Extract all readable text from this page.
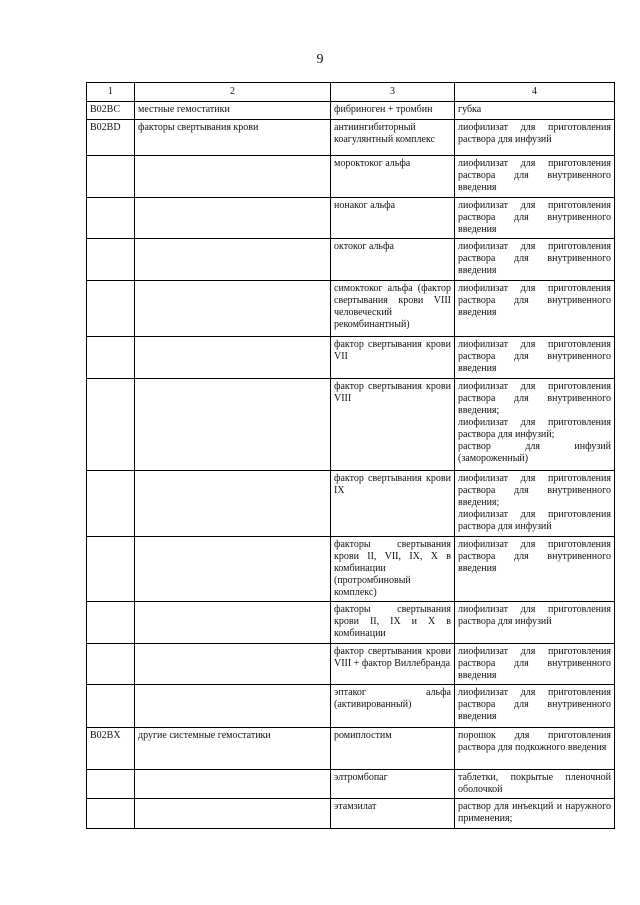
9
1	2	3	4
B02BC	местные гемостатики	фибриноген + тромбин	губка

B02BD	факторы свертывания крови	антиингибиторный коагулянтный комплекс	лиофилизат для приготовления раствора для инфузий

		мороктоког альфа	лиофилизат для приготовления раствора для внутривенного введения

		нонаког альфа	лиофилизат для приготовления раствора для внутривенного введения

		октоког альфа	лиофилизат для приготовления раствора для внутривенного введения

		симоктоког альфа (фактор свертывания крови VIII человеческий рекомбинантный)	лиофилизат для приготовления раствора для внутривенного введения

		фактор свертывания крови VII	лиофилизат для приготовления раствора для внутривенного введения

		фактор свертывания крови VIII	лиофилизат для приготовления раствора для внутривенного введения;
лиофилизат для приготовления раствора для инфузий;
раствор для инфузий (замороженный)

		фактор свертывания крови IX	лиофилизат для приготовления раствора для внутривенного введения;
лиофилизат для приготовления раствора для инфузий

		факторы свертывания крови II, VII, IX, X в комбинации (протромбиновый комплекс)	лиофилизат для приготовления раствора для внутривенного введения

		факторы свертывания крови II, IX и X в комбинации	лиофилизат для приготовления раствора для инфузий

		фактор свертывания крови VIII + фактор Виллебранда	лиофилизат для приготовления раствора для внутривенного введения

		эптаког альфа (активированный)	лиофилизат для приготовления раствора для внутривенного введения

B02BX	другие системные гемостатики	ромиплостим	порошок для приготовления раствора для подкожного введения

		элтромбопаг	таблетки, покрытые пленочной оболочкой

		этамзилат	раствор для инъекций и наружного применения;
